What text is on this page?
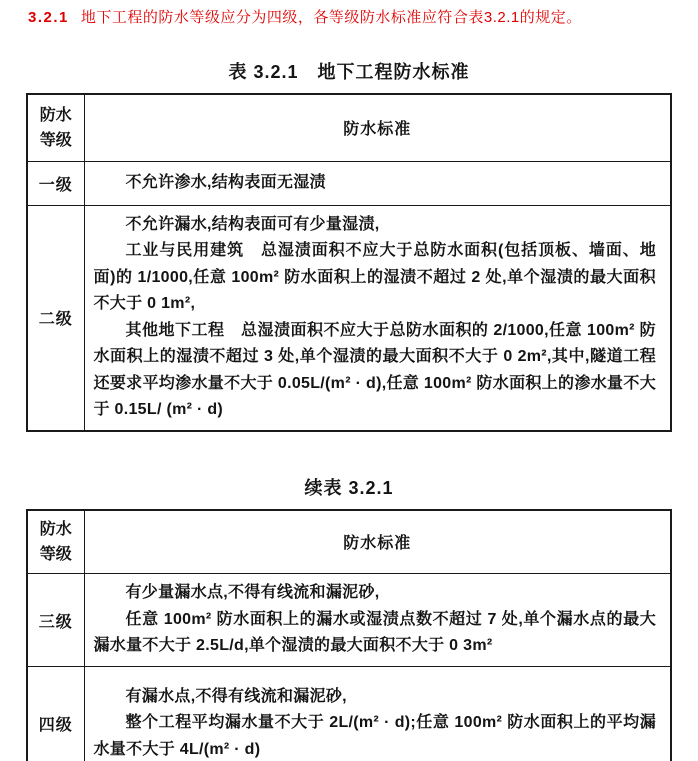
3.2.1 地下工程的防水等级应分为四级，各等级防水标准应符合表3.2.1的规定。

表 3.2.1　地下工程防水标准
防水
等级	防水标准
一级	不允许渗水,结构表面无湿渍

二级	不允许漏水,结构表面可有少量湿渍,

工业与民用建筑　总湿渍面积不应大于总防水面积(包括顶板、墙面、地面)的 1/1000,任意 100m² 防水面积上的湿渍不超过 2 处,单个湿渍的最大面积不大于 0 1m²,

其他地下工程　总湿渍面积不应大于总防水面积的 2/1000,任意 100m² 防水面积上的湿渍不超过 3 处,单个湿渍的最大面积不大于 0 2m²,其中,隧道工程还要求平均渗水量不大于 0.05L/(m² · d),任意 100m² 防水面积上的渗水量不大于 0.15L/ (m² · d)

续表 3.2.1
防水
等级	防水标准
三级	有少量漏水点,不得有线流和漏泥砂,

任意 100m² 防水面积上的漏水或湿渍点数不超过 7 处,单个漏水点的最大漏水量不大于 2.5L/d,单个湿渍的最大面积不大于 0 3m²

四级	有漏水点,不得有线流和漏泥砂,

整个工程平均漏水量不大于 2L/(m² · d);任意 100m² 防水面积上的平均漏水量不大于 4L/(m² · d)
